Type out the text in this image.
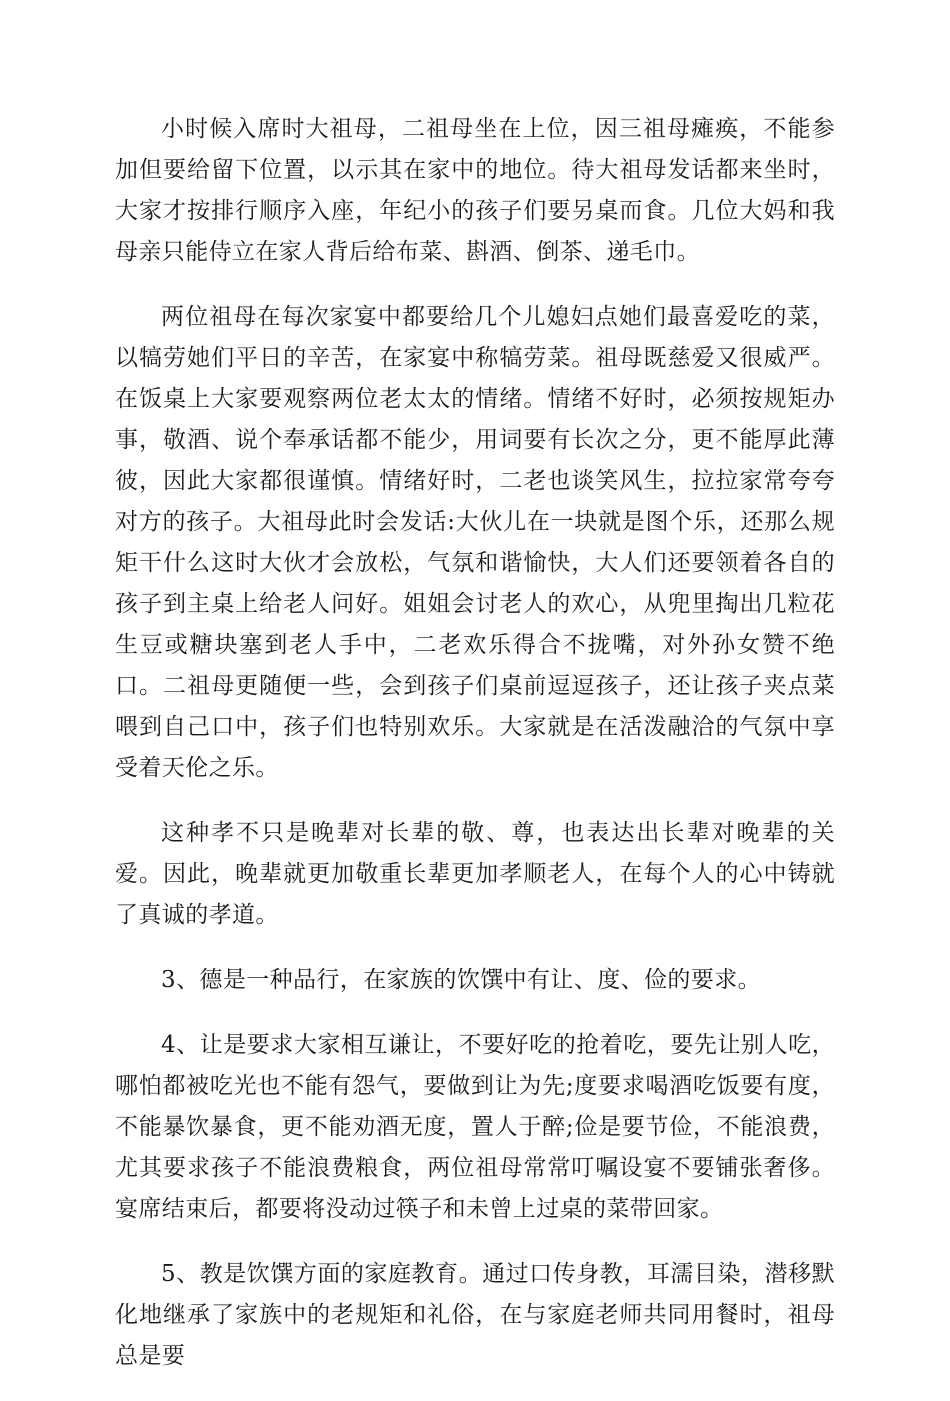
小时候入席时大祖母，二祖母坐在上位，因三祖母瘫痪，不能参加但要给留下位置，以示其在家中的地位。待大祖母发话都来坐时，大家才按排行顺序入座，年纪小的孩子们要另桌而食。几位大妈和我母亲只能侍立在家人背后给布菜、斟酒、倒茶、递毛巾。

两位祖母在每次家宴中都要给几个儿媳妇点她们最喜爱吃的菜，以犒劳她们平日的辛苦，在家宴中称犒劳菜。祖母既慈爱又很威严。在饭桌上大家要观察两位老太太的情绪。情绪不好时，必须按规矩办事，敬酒、说个奉承话都不能少，用词要有长次之分，更不能厚此薄彼，因此大家都很谨慎。情绪好时，二老也谈笑风生，拉拉家常夸夸对方的孩子。大祖母此时会发话:大伙儿在一块就是图个乐，还那么规矩干什么这时大伙才会放松，气氛和谐愉快，大人们还要领着各自的孩子到主桌上给老人问好。姐姐会讨老人的欢心，从兜里掏出几粒花生豆或糖块塞到老人手中，二老欢乐得合不拢嘴，对外孙女赞不绝口。二祖母更随便一些，会到孩子们桌前逗逗孩子，还让孩子夹点菜喂到自己口中，孩子们也特别欢乐。大家就是在活泼融洽的气氛中享受着天伦之乐。

这种孝不只是晚辈对长辈的敬、尊，也表达出长辈对晚辈的关爱。因此，晚辈就更加敬重长辈更加孝顺老人，在每个人的心中铸就了真诚的孝道。

3、德是一种品行，在家族的饮馔中有让、度、俭的要求。

4、让是要求大家相互谦让，不要好吃的抢着吃，要先让别人吃，哪怕都被吃光也不能有怨气，要做到让为先;度要求喝酒吃饭要有度，不能暴饮暴食，更不能劝酒无度，置人于醉;俭是要节俭，不能浪费，尤其要求孩子不能浪费粮食，两位祖母常常叮嘱设宴不要铺张奢侈。宴席结束后，都要将没动过筷子和未曾上过桌的菜带回家。

5、教是饮馔方面的家庭教育。通过口传身教，耳濡目染，潜移默化地继承了家族中的老规矩和礼俗，在与家庭老师共同用餐时，祖母总是要
